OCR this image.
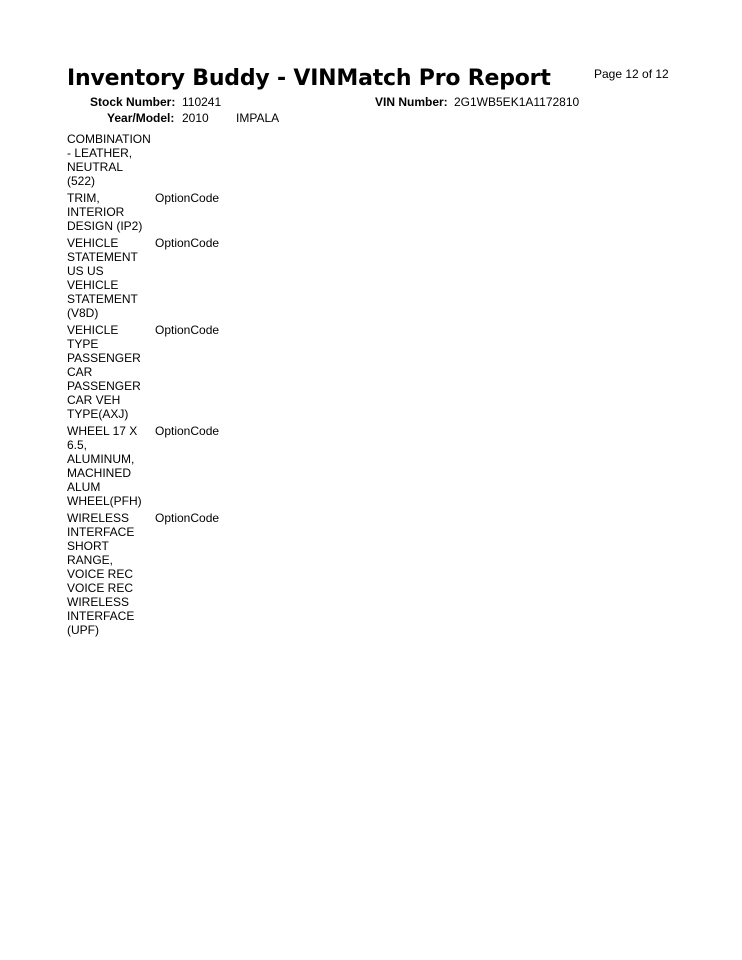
Inventory Buddy - VINMatch Pro Report	Page 12 of 12
Stock Number: 110241	VIN Number: 2G1WB5EK1A1172810
Year/Model: 2010 IMPALA
COMBINATION
- LEATHER,
NEUTRAL
(522)
TRIM,
INTERIOR
DESIGN (IP2)
OptionCode
VEHICLE
STATEMENT
US US
VEHICLE
STATEMENT
(V8D)
OptionCode
VEHICLE
TYPE
PASSENGER
CAR
PASSENGER
CAR VEH
TYPE(AXJ)
OptionCode
WHEEL 17 X
6.5,
ALUMINUM,
MACHINED
ALUM
WHEEL(PFH)
OptionCode
WIRELESS
INTERFACE
SHORT
RANGE,
VOICE REC
VOICE REC
WIRELESS
INTERFACE
(UPF)
OptionCode
